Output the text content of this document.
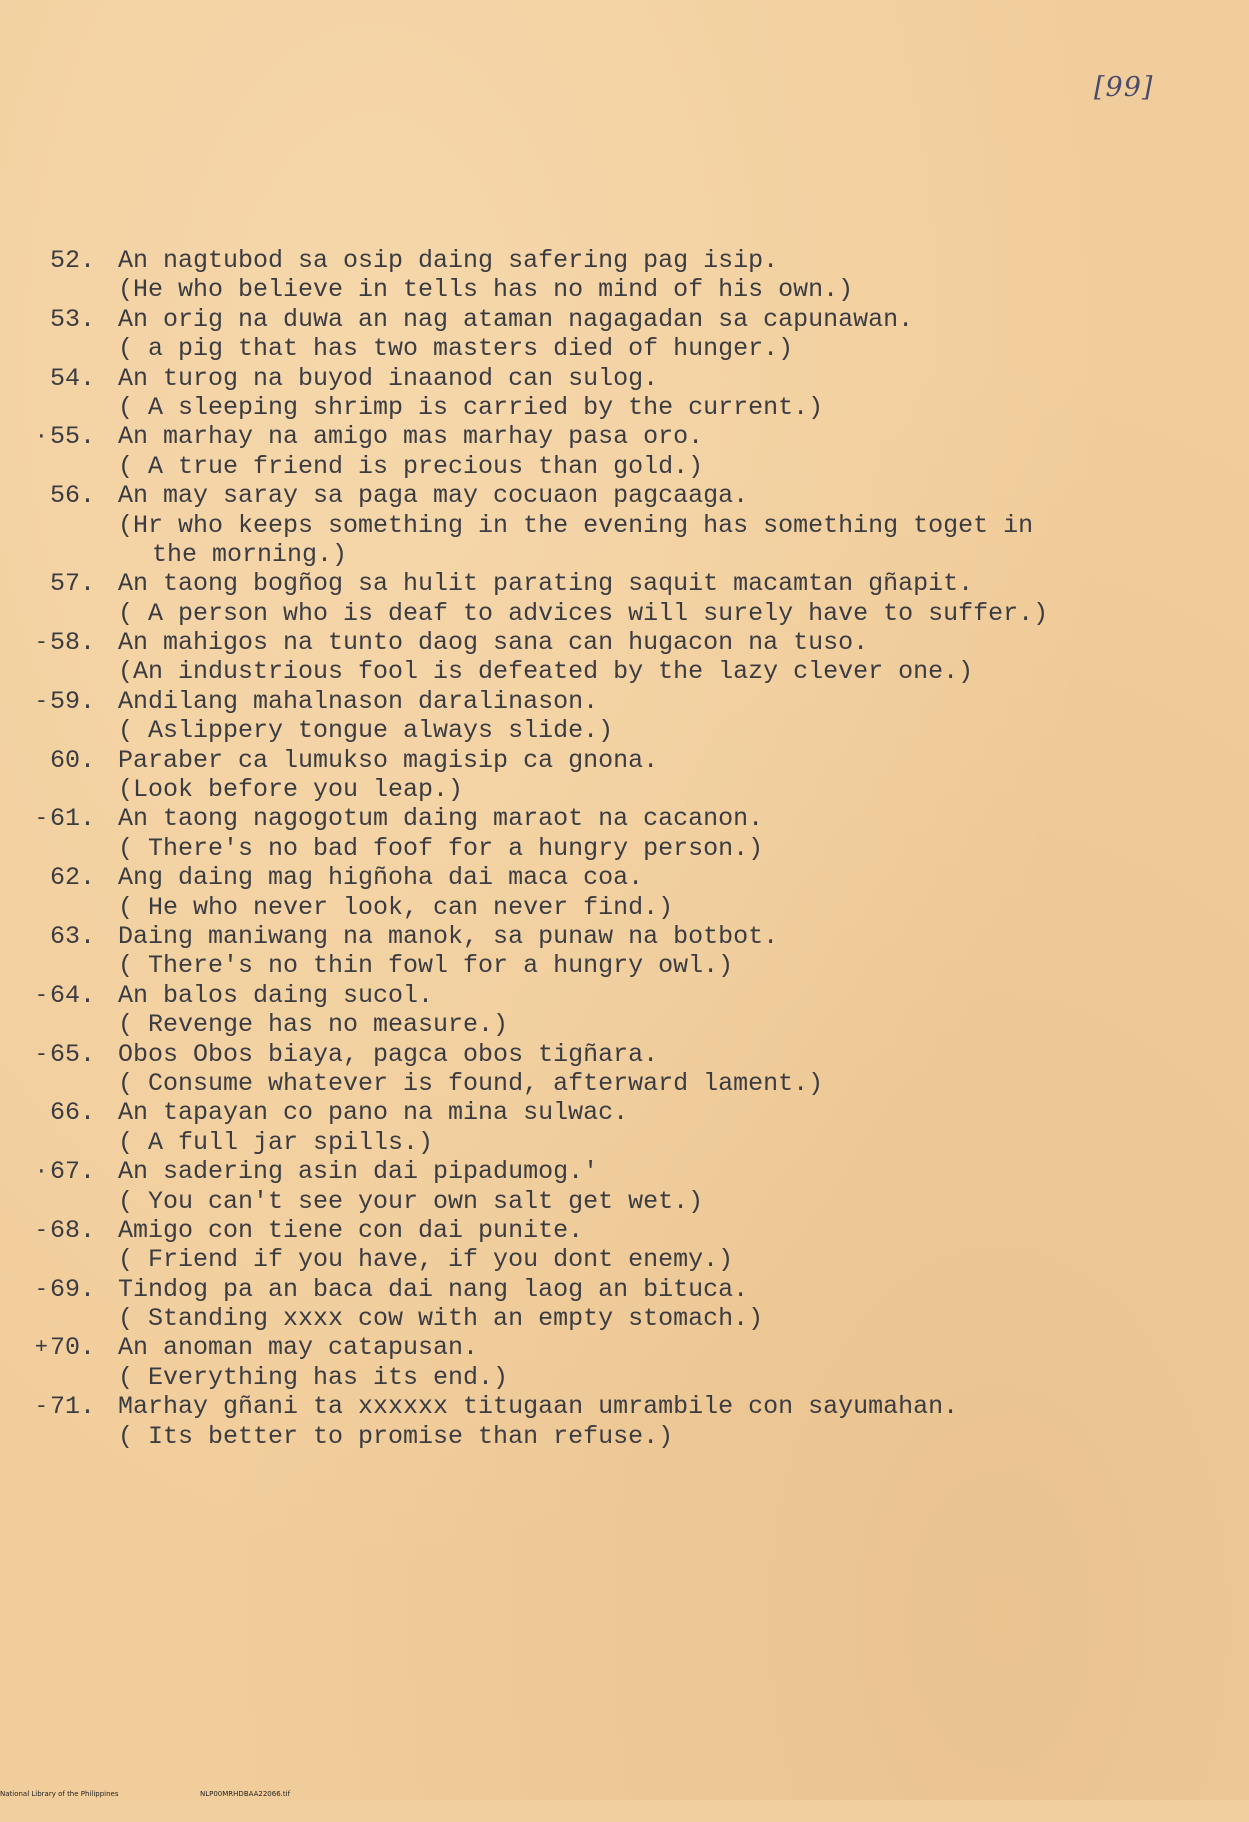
[99]
52. An nagtubod sa osip daing safering pag isip.
(He who believe in tells has no mind of his own.)
53. An orig na duwa an nag ataman nagagadan sa capunawan.
( a pig that has two masters died of hunger.)
54. An turog na buyod inaanod can sulog.
( A sleeping shrimp is carried by the current.)
· 55. An marhay na amigo mas marhay pasa oro.
( A true friend is precious than gold.)
56. An may saray sa paga may cocuaon pagcaaga.
(Hr who keeps something in the evening has something toget in
the morning.)
57. An taong bogñog sa hulit parating saquit macamtan gñapit.
( A person who is deaf to advices will surely have to suffer.)
- 58. An mahigos na tunto daog sana can hugacon na tuso.
(An industrious fool is defeated by the lazy clever one.)
- 59. Andilang mahalnason daralinason.
( Aslippery tongue always slide.)
60. Paraber ca lumukso magisip ca gnona.
(Look before you leap.)
- 61. An taong nagogotum daing maraot na cacanon.
( There's no bad foof for a hungry person.)
62. Ang daing mag higñoha dai maca coa.
( He who never look, can never find.)
63. Daing maniwang na manok, sa punaw na botbot.
( There's no thin fowl for a hungry owl.)
- 64. An balos daing sucol.
( Revenge has no measure.)
- 65. Obos Obos biaya, pagca obos tigñara.
( Consume whatever is found, afterward lament.)
66. An tapayan co pano na mina sulwac.
( A full jar spills.)
· 67. An sadering asin dai pipadumog.'
( You can't see your own salt get wet.)
- 68. Amigo con tiene con dai punite.
( Friend if you have, if you dont enemy.)
- 69. Tindog pa an baca dai nang laog an bituca.
( Standing xxxx cow with an empty stomach.)
+ 70. An anoman may catapusan.
( Everything has its end.)
- 71. Marhay gñani ta xxxxxx titugaan umrambile con sayumahan.
( Its better to promise than refuse.)

National Library of the Philippines

	NLP00MRHDBAA22066.tif
